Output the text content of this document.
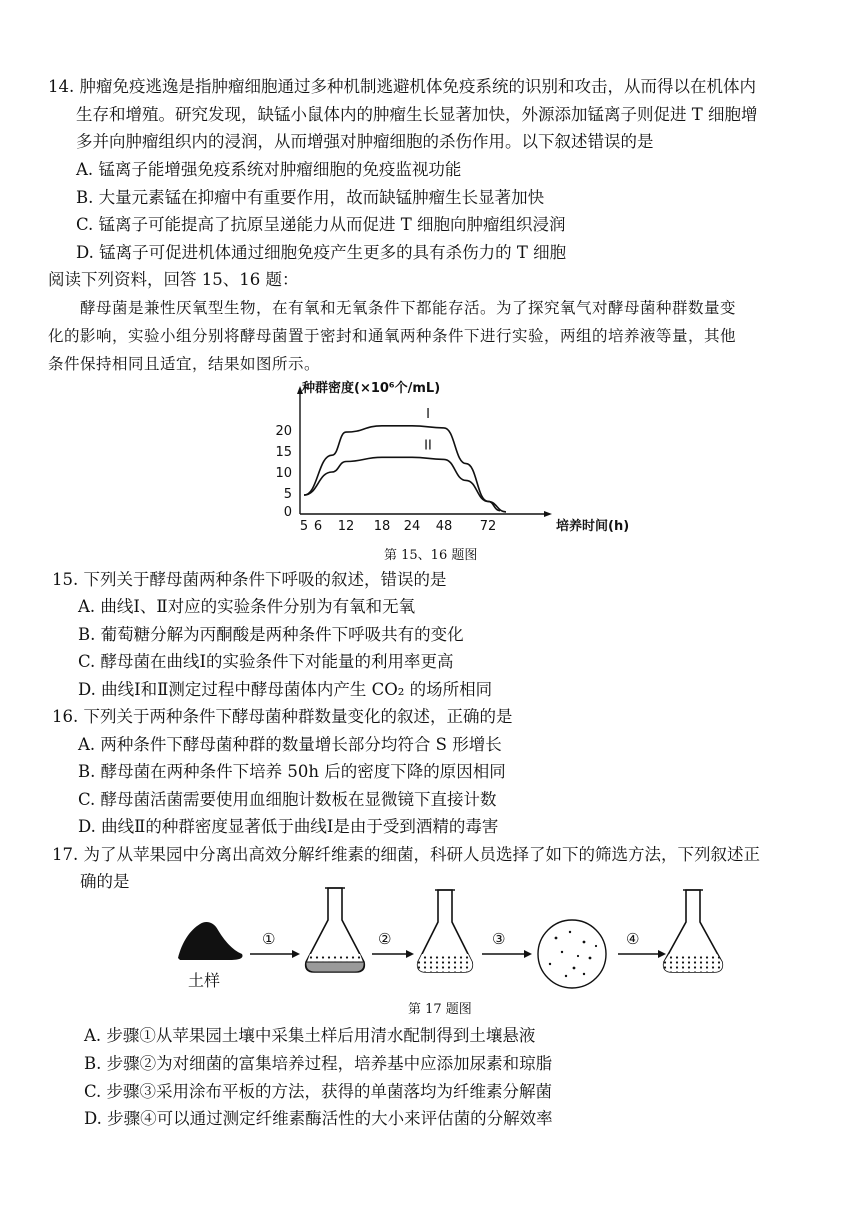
14. 肿瘤免疫逃逸是指肿瘤细胞通过多种机制逃避机体免疫系统的识别和攻击，从而得以在机体内
生存和增殖。研究发现，缺锰小鼠体内的肿瘤生长显著加快，外源添加锰离子则促进 T 细胞增
多并向肿瘤组织内的浸润，从而增强对肿瘤细胞的杀伤作用。以下叙述错误的是
A. 锰离子能增强免疫系统对肿瘤细胞的免疫监视功能
B. 大量元素锰在抑瘤中有重要作用，故而缺锰肿瘤生长显著加快
C. 锰离子可能提高了抗原呈递能力从而促进 T 细胞向肿瘤组织浸润
D. 锰离子可促进机体通过细胞免疫产生更多的具有杀伤力的 T 细胞
阅读下列资料，回答 15、16 题：
酵母菌是兼性厌氧型生物，在有氧和无氧条件下都能存活。为了探究氧气对酵母菌种群数量变
化的影响，实验小组分别将酵母菌置于密封和通氧两种条件下进行实验，两组的培养液等量，其他
条件保持相同且适宜，结果如图所示。
0
5
10
15
20
5 6 12 18 24 48 72
种群密度(×10⁶个/mL)
培养时间(h)
I
II
第 15、16 题图
15. 下列关于酵母菌两种条件下呼吸的叙述，错误的是
A. 曲线Ⅰ、Ⅱ对应的实验条件分别为有氧和无氧
B. 葡萄糖分解为丙酮酸是两种条件下呼吸共有的变化
C. 酵母菌在曲线Ⅰ的实验条件下对能量的利用率更高
D. 曲线Ⅰ和Ⅱ测定过程中酵母菌体内产生 CO₂ 的场所相同
16. 下列关于两种条件下酵母菌种群数量变化的叙述，正确的是
A. 两种条件下酵母菌种群的数量增长部分均符合 S 形增长
B. 酵母菌在两种条件下培养 50h 后的密度下降的原因相同
C. 酵母菌活菌需要使用血细胞计数板在显微镜下直接计数
D. 曲线Ⅱ的种群密度显著低于曲线Ⅰ是由于受到酒精的毒害
17. 为了从苹果园中分离出高效分解纤维素的细菌，科研人员选择了如下的筛选方法，下列叙述正
确的是
土样
①	②	③	④
第 17 题图
A. 步骤①从苹果园土壤中采集土样后用清水配制得到土壤悬液
B. 步骤②为对细菌的富集培养过程，培养基中应添加尿素和琼脂
C. 步骤③采用涂布平板的方法，获得的单菌落均为纤维素分解菌
D. 步骤④可以通过测定纤维素酶活性的大小来评估菌的分解效率
